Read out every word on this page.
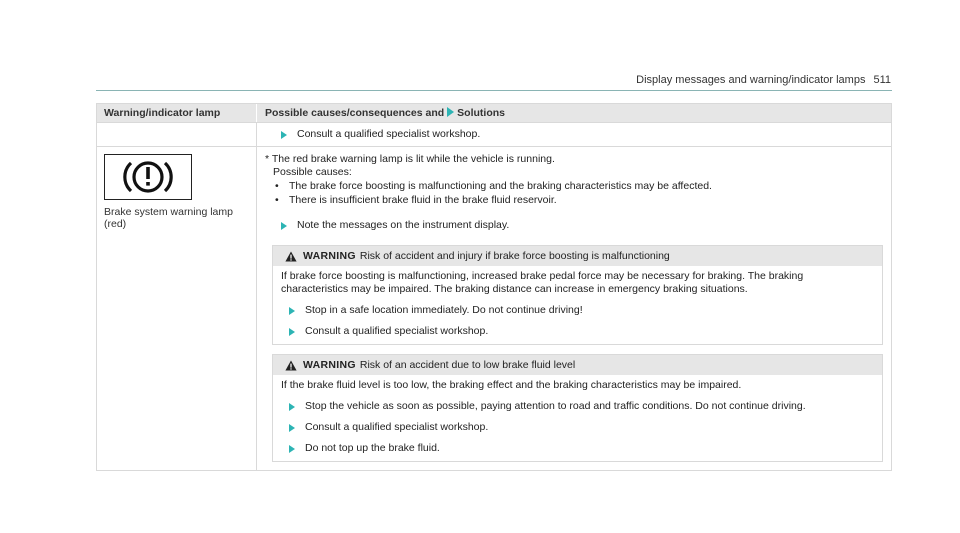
Display messages and warning/indicator lamps 511
Warning/indicator lamp	Possible causes/consequences and Solutions
Consult a qualified specialist workshop.
Brake system warning lamp
(red)
* The red brake warning lamp is lit while the vehicle is running.
Possible causes:
• The brake force boosting is malfunctioning and the braking characteristics may be affected.
• There is insufficient brake fluid in the brake fluid reservoir.
Note the messages on the instrument display.
WARNING Risk of accident and injury if brake force boosting is malfunctioning
If brake force boosting is malfunctioning, increased brake pedal force may be necessary for braking. The braking
characteristics may be impaired. The braking distance can increase in emergency braking situations.
Stop in a safe location immediately. Do not continue driving!
Consult a qualified specialist workshop.
WARNING Risk of an accident due to low brake fluid level
If the brake fluid level is too low, the braking effect and the braking characteristics may be impaired.
Stop the vehicle as soon as possible, paying attention to road and traffic conditions. Do not continue driving.
Consult a qualified specialist workshop.
Do not top up the brake fluid.
